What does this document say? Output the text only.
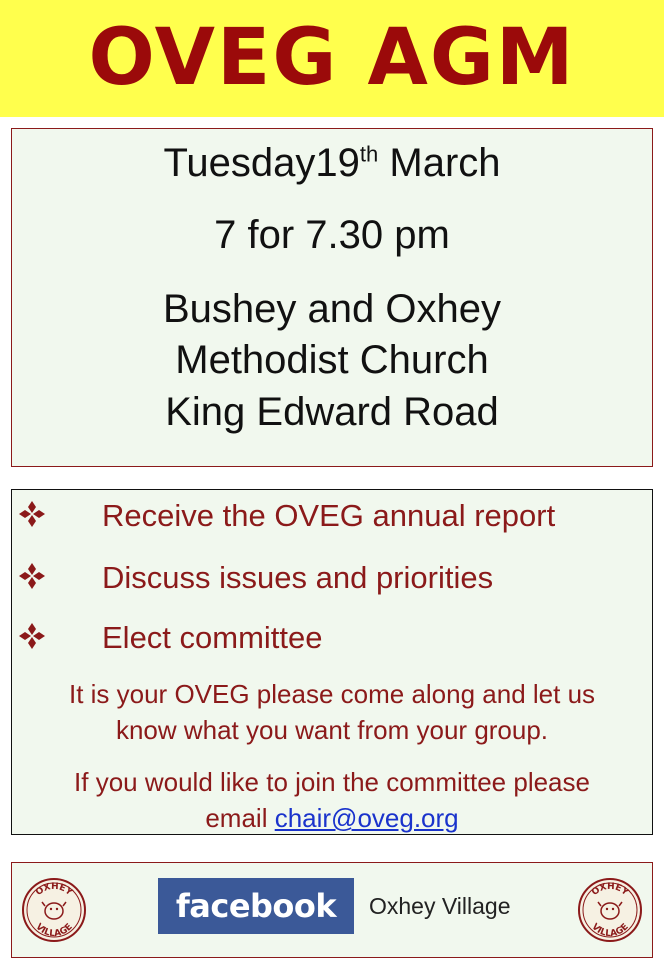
OVEG AGM
Tuesday19th March
7 for 7.30 pm
Bushey and Oxhey
Methodist Church
King Edward Road
Receive the OVEG annual report
Discuss issues and priorities
Elect committee
It is your OVEG please come along and let us
know what you want from your group.
If you would like to join the committee please
email chair@oveg.org
OXHEY
VILLAGE
facebook	Oxhey Village
OXHEY
VILLAGE
